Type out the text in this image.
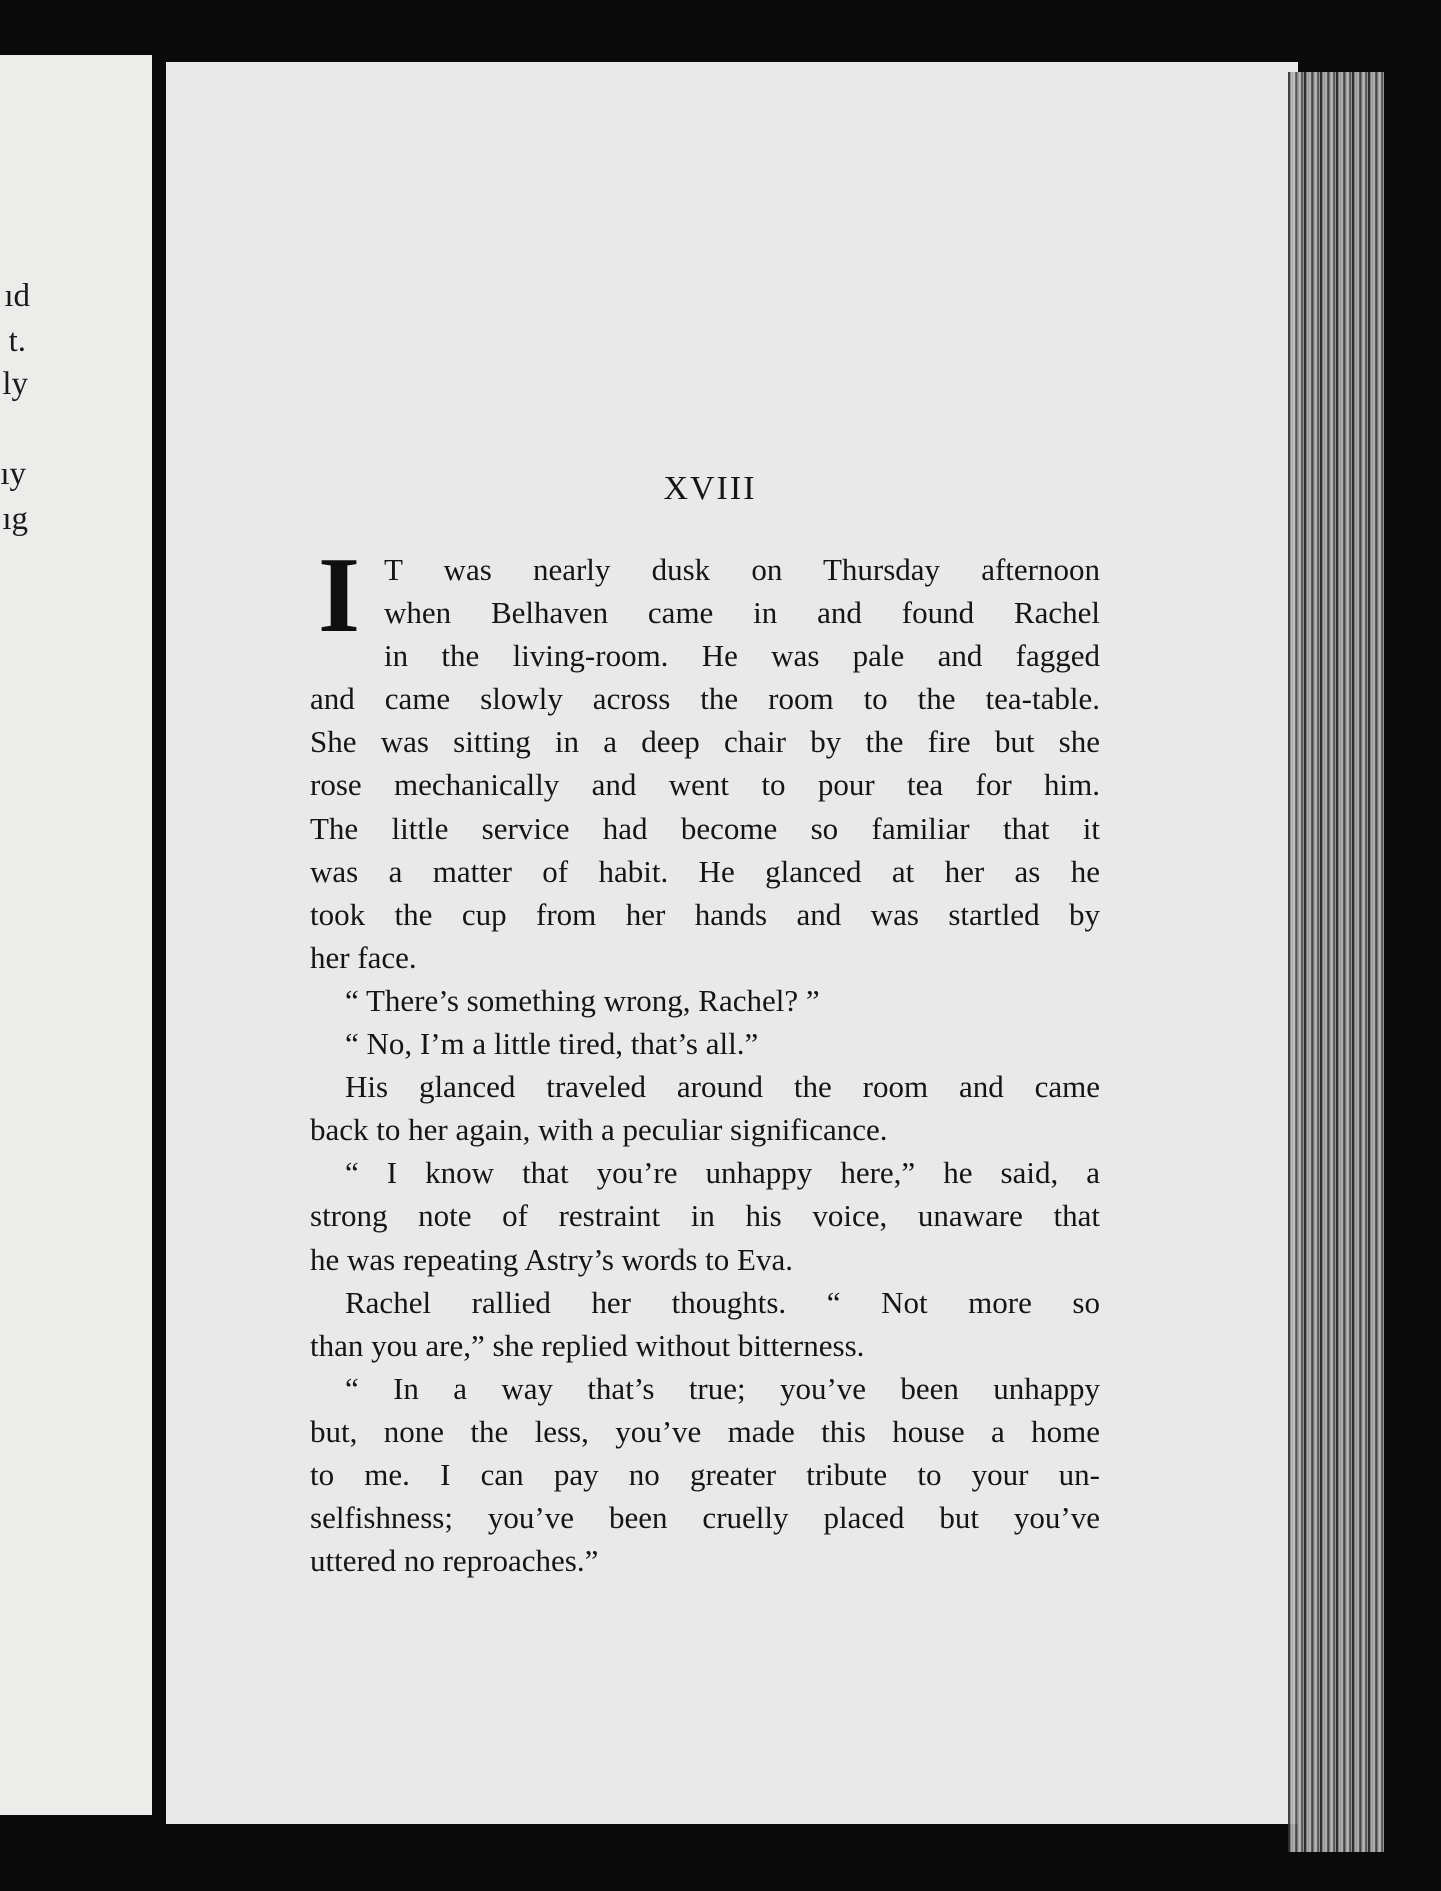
ıd
t.
ly
ıy
ıg
XVIII
I T was nearly dusk on Thursday afternoon
when Belhaven came in and found Rachel
in the living-room. He was pale and fagged
and came slowly across the room to the tea-table.
She was sitting in a deep chair by the fire but she
rose mechanically and went to pour tea for him.
The little service had become so familiar that it
was a matter of habit. He glanced at her as he
took the cup from her hands and was startled by
her face.
“ There’s something wrong, Rachel? ”
“ No, I’m a little tired, that’s all.”
His glanced traveled around the room and came
back to her again, with a peculiar significance.
“ I know that you’re unhappy here,” he said, a
strong note of restraint in his voice, unaware that
he was repeating Astry’s words to Eva.
Rachel rallied her thoughts. “ Not more so
than you are,” she replied without bitterness.
“ In a way that’s true; you’ve been unhappy
but, none the less, you’ve made this house a home
to me. I can pay no greater tribute to your un-
selfishness; you’ve been cruelly placed but you’ve
uttered no reproaches.”
